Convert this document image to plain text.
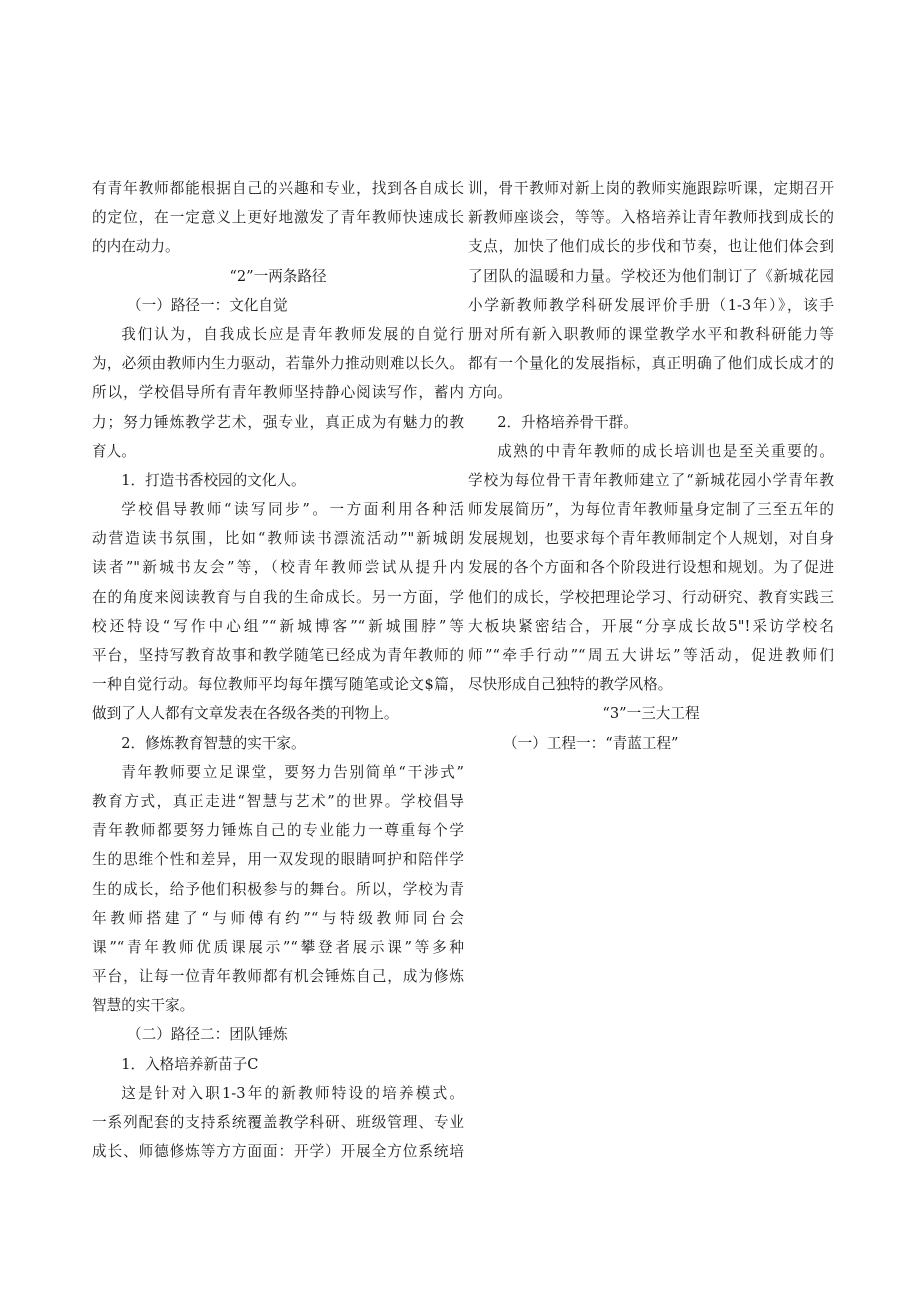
有青年教师都能根据自己的兴趣和专业，找到各自成长
的定位，在一定意义上更好地激发了青年教师快速成长
的内在动力。
“2”一两条路径
（一）路径一：文化自觉
我们认为，自我成长应是青年教师发展的自觉行
为，必须由教师内生力驱动，若靠外力推动则难以长久。
所以，学校倡导所有青年教师坚持静心阅读写作，蓄内
力；努力锤炼教学艺术，强专业，真正成为有魅力的教
育人。
1．打造书香校园的文化人。
学校倡导教师“读写同步”。一方面利用各种活
动营造读书氛围，比如“教师读书漂流活动”"新城朗
读者”"新城书友会”等，（校青年教师尝试从提升内
在的角度来阅读教育与自我的生命成长。另一方面，学
校还特设“写作中心组”“新城博客”“新城围脖”等
平台，坚持写教育故事和教学随笔已经成为青年教师的
一种自觉行动。每位教师平均每年撰写随笔或论文$篇，
做到了人人都有文章发表在各级各类的刊物上。
2．修炼教育智慧的实干家。
青年教师要立足课堂，要努力告别简单“干涉式”
教育方式，真正走进“智慧与艺术”的世界。学校倡导
青年教师都要努力锤炼自己的专业能力一尊重每个学
生的思维个性和差异，用一双发现的眼睛呵护和陪伴学
生的成长，给予他们积极参与的舞台。所以，学校为青
年教师搭建了“与师傅有约”“与特级教师同台会
课”“青年教师优质课展示”“攀登者展示课”等多种
平台，让每一位青年教师都有机会锤炼自己，成为修炼
智慧的实干家。
（二）路径二：团队锤炼
1．入格培养新苗子C
这是针对入职1-3年的新教师特设的培养模式。
一系列配套的支持系统覆盖教学科研、班级管理、专业
成长、师德修炼等方方面面：开学）开展全方位系统培
训，骨干教师对新上岗的教师实施跟踪听课，定期召开
新教师座谈会，等等。入格培养让青年教师找到成长的
支点，加快了他们成长的步伐和节奏，也让他们体会到
了团队的温暖和力量。学校还为他们制订了《新城花园
小学新教师教学科研发展评价手册（1-3年）》，该手
册对所有新入职教师的课堂教学水平和教科研能力等
都有一个量化的发展指标，真正明确了他们成长成才的
方向。
2．升格培养骨干群。
成熟的中青年教师的成长培训也是至关重要的。
学校为每位骨干青年教师建立了“新城花园小学青年教
师发展简历”，为每位青年教师量身定制了三至五年的
发展规划，也要求每个青年教师制定个人规划，对自身
发展的各个方面和各个阶段进行设想和规划。为了促进
他们的成长，学校把理论学习、行动研究、教育实践三
大板块紧密结合，开展“分享成长故5"!采访学校名
师”“牵手行动”“周五大讲坛”等活动，促进教师们
尽快形成自己独特的教学风格。
“3”一三大工程
（一）工程一：“青蓝工程”
